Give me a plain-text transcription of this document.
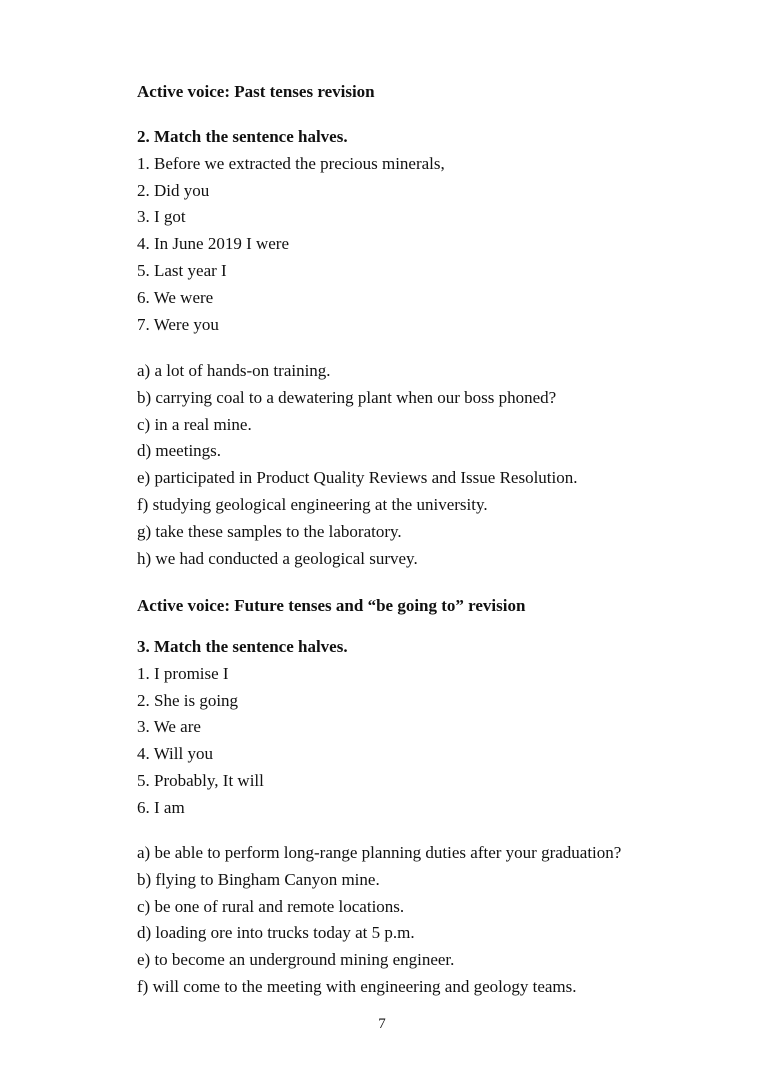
Active voice: Past tenses revision
2. Match the sentence halves.
1. Before we extracted the precious minerals,
2. Did you
3. I got
4. In June 2019 I were
5. Last year I
6. We were
7. Were you
a) a lot of hands-on training.
b) carrying coal to a dewatering plant when our boss phoned?
c) in a real mine.
d) meetings.
e) participated in Product Quality Reviews and Issue Resolution.
f) studying geological engineering at the university.
g) take these samples to the laboratory.
h) we had conducted a geological survey.
Active voice: Future tenses and “be going to” revision
3. Match the sentence halves.
1. I promise I
2. She is going
3. We are
4. Will you
5. Probably, It will
6. I am
a) be able to perform long-range planning duties after your graduation?
b) flying to Bingham Canyon mine.
c) be one of rural and remote locations.
d) loading ore into trucks today at 5 p.m.
e) to become an underground mining engineer.
f) will come to the meeting with engineering and geology teams.
7
